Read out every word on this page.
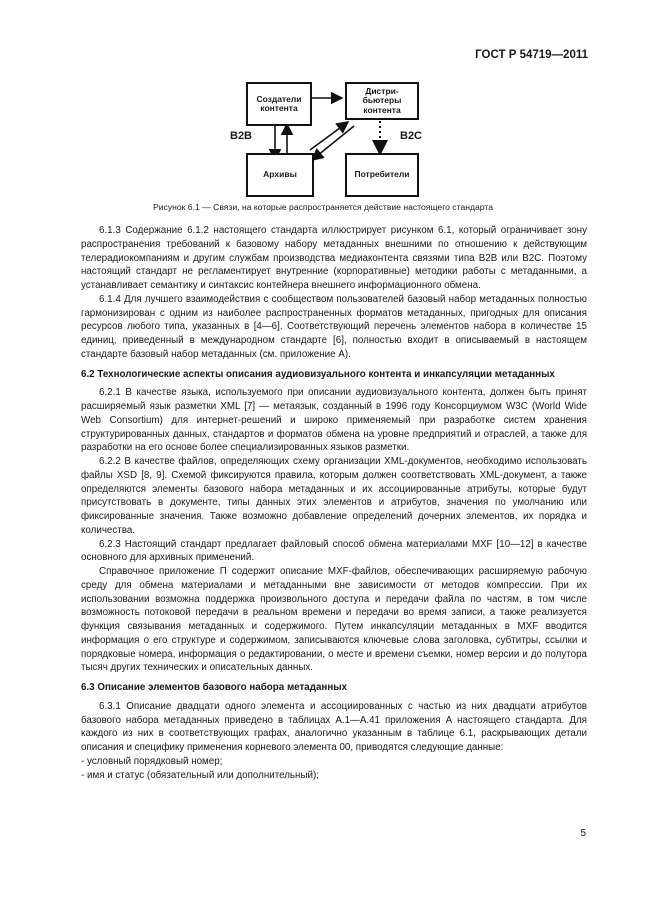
ГОСТ Р 54719—2011
Создатели контента
Дистри- бьютеры контента
Архивы	Потребители
В2В	В2С
Рисунок 6.1 — Связи, на которые распространяется действие настоящего стандарта

6.1.3 Содержание 6.1.2 настоящего стандарта иллюстрирует рисунком 6.1, который ограничивает зону распространения требований к базовому набору метаданных внешними по отношению к действующим телерадиокомпаниям и другим службам производства медиаконтента связями типа В2В или В2С. Поэтому настоящий стандарт не регламентирует внутренние (корпоративные) методики работы с метаданными, а устанавливает семантику и синтаксис контейнера внешнего информационного обмена.

6.1.4 Для лучшего взаимодействия с сообществом пользователей базовый набор метаданных полностью гармонизирован с одним из наиболее распространенных форматов метаданных, пригодных для описания ресурсов любого типа, указанных в [4—6]. Соответствующий перечень элементов набора в количестве 15 единиц, приведенный в международном стандарте [6], полностью входит в описываемый в настоящем стандарте базовый набор метаданных (см. приложение А).

6.2 Технологические аспекты описания аудиовизуального контента и инкапсуляции метаданных

6.2.1 В качестве языка, используемого при описании аудиовизуального контента, должен быть принят расширяемый язык разметки XML [7] — метаязык, созданный в 1996 году Консорциумом W3C (World Wide Web Consortium) для интернет-решений и широко применяемый при разработке систем хранения структурированных данных, стандартов и форматов обмена на уровне предприятий и отраслей, а также для разработки на его основе более специализированных языков разметки.

6.2.2 В качестве файлов, определяющих схему организации XML-документов, необходимо использовать файлы XSD [8, 9]. Схемой фиксируются правила, которым должен соответствовать XML-документ, а также определяются элементы базового набора метаданных и их ассоциированные атрибуты, которые будут присутствовать в документе, типы данных этих элементов и атрибутов, значения по умолчанию или фиксированные значения. Также возможно добавление определений дочерних элементов, их порядка и количества.

6.2.3 Настоящий стандарт предлагает файловый способ обмена материалами MXF [10—12] в качестве основного для архивных применений.

Справочное приложение П содержит описание MXF-файлов, обеспечивающих расширяемую рабочую среду для обмена материалами и метаданными вне зависимости от методов компрессии. При их использовании возможна поддержка произвольного доступа и передачи файла по частям, в том числе возможность потоковой передачи в реальном времени и передачи во время записи, а также реализуется функция связывания метаданных и содержимого. Путем инкапсуляции метаданных в MXF вводится информация о его структуре и содержимом, записываются ключевые слова заголовка, субтитры, ссылки и порядковые номера, информация о редактировании, о месте и времени съемки, номер версии и до полутора тысяч других технических и описательных данных.

6.3 Описание элементов базового набора метаданных

6.3.1 Описание двадцати одного элемента и ассоциированных с частью из них двадцати атрибутов базового набора метаданных приведено в таблицах А.1—А.41 приложения А настоящего стандарта. Для каждого из них в соответствующих графах, аналогично указанным в таблице 6.1, раскрывающих детали описания и специфику применения корневого элемента 00, приводятся следующие данные:

- условный порядковый номер;

- имя и статус (обязательный или дополнительный);

5
